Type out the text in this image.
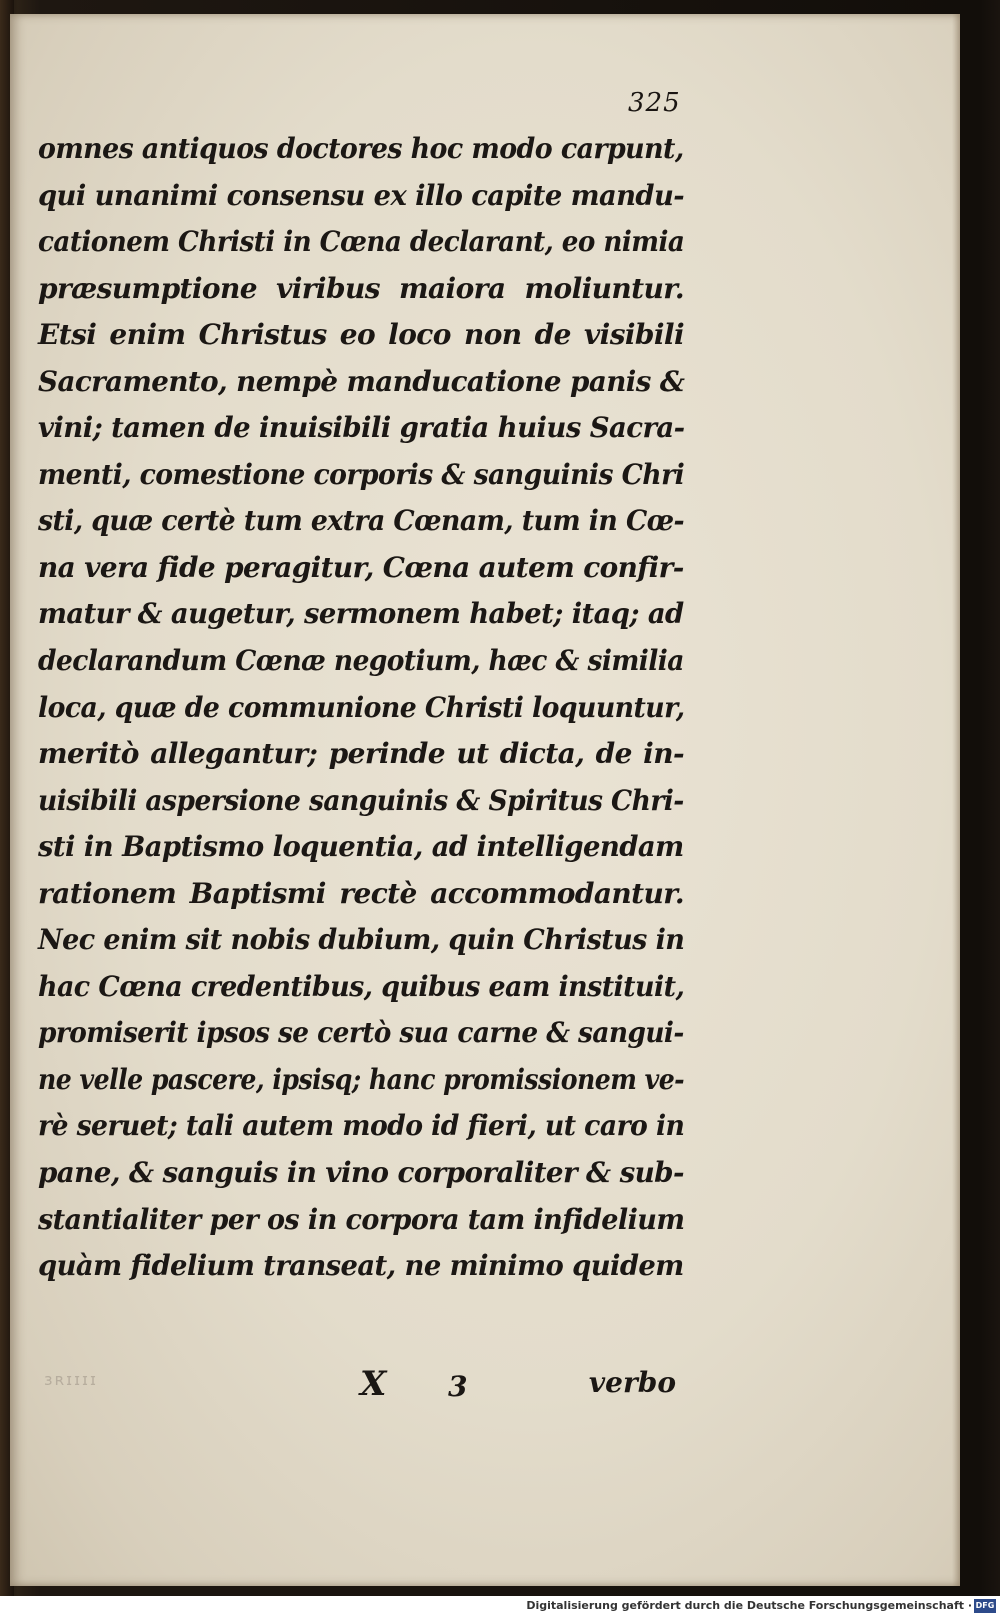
325
omnes antiquos doctores hoc modo carpunt,
qui unanimi consensu ex illo capite mandu-
cationem Christi in Cœna declarant, eo nimia
præsumptione viribus maiora moliuntur.
Etsi enim Christus eo loco non de visibili
Sacramento, nempè manducatione panis &
vini; tamen de inuisibili gratia huius Sacra-
menti, comestione corporis & sanguinis Chri
sti, quæ certè tum extra Cœnam, tum in Cœ-
na vera fide peragitur, Cœna autem confir-
matur & augetur, sermonem habet; itaq; ad
declarandum Cœnæ negotium, hæc & similia
loca, quæ de communione Christi loquuntur,
meritò allegantur; perinde ut dicta, de in-
uisibili aspersione sanguinis & Spiritus Chri-
sti in Baptismo loquentia, ad intelligendam
rationem Baptismi rectè accommodantur.
Nec enim sit nobis dubium, quin Christus in
hac Cœna credentibus, quibus eam instituit,
promiserit ipsos se certò sua carne & sangui-
ne velle pascere, ipsisq; hanc promissionem ve-
rè seruet; tali autem modo id fieri, ut caro in
pane, & sanguis in vino corporaliter & sub-
stantialiter per os in corpora tam infidelium
quàm fidelium transeat, ne minimo quidem
X 3	verbo
ɜʀɪɪɪɪ
Digitalisierung gefördert durch die Deutsche Forschungsgemeinschaft · DFG
